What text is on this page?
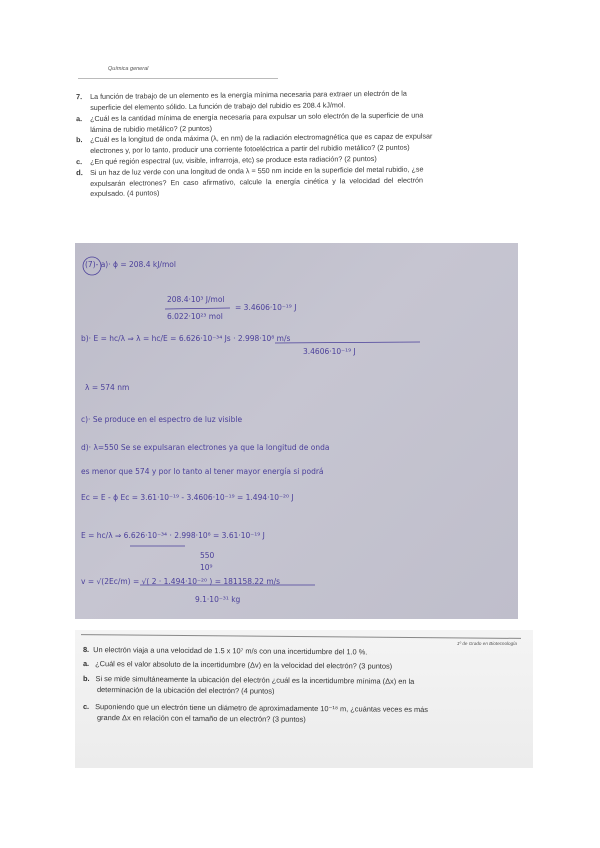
Química general
7. La función de trabajo de un elemento es la energía mínima necesaria para extraer un electrón de la
superficie del elemento sólido. La función de trabajo del rubidio es 208.4 kJ/mol.
a. ¿Cuál es la cantidad mínima de energía necesaria para expulsar un solo electrón de la superficie de una
lámina de rubidio metálico? (2 puntos)
b. ¿Cuál es la longitud de onda máxima (λ, en nm) de la radiación electromagnética que es capaz de expulsar
electrones y, por lo tanto, producir una corriente fotoeléctrica a partir del rubidio metálico? (2 puntos)
c. ¿En qué región espectral (uv, visible, infrarroja, etc) se produce esta radiación? (2 puntos)
d. Si un haz de luz verde con una longitud de onda λ = 550 nm incide en la superficie del metal rubidio, ¿se
expulsarán electrones? En caso afirmativo, calcule la energía cinética y la velocidad del electrón
expulsado. (4 puntos)
(7)- a)· ϕ = 208.4 kJ/mol
208.4·10³ J/mol
6.022·10²³ mol
= 3.4606·10⁻¹⁹ J
b)· E = hc/λ ⇒ λ = hc/E = 6.626·10⁻³⁴ Js · 2.998·10⁸ m/s
3.4606·10⁻¹⁹ J
λ = 574 nm
c)· Se produce en el espectro de luz visible
d)· λ=550 Se se expulsaran electrones ya que la longitud de onda
es menor que 574 y por lo tanto al tener mayor energía si podrá
Ec = E - ϕ Ec = 3.61·10⁻¹⁹ - 3.4606·10⁻¹⁹ = 1.494·10⁻²⁰ J
E = hc/λ ⇒ 6.626·10⁻³⁴ · 2.998·10⁸ = 3.61·10⁻¹⁹ J
550
10⁹
v = √(2Ec/m) = √( 2 · 1.494·10⁻²⁰ ) = 181158.22 m/s
9.1·10⁻³¹ kg
1º de Grado en Biotecnología
8. Un electrón viaja a una velocidad de 1.5 x 10⁷ m/s con una incertidumbre del 1.0 %.
a. ¿Cuál es el valor absoluto de la incertidumbre (Δv) en la velocidad del electrón? (3 puntos)
b. Si se mide simultáneamente la ubicación del electrón ¿cuál es la incertidumbre mínima (Δx) en la
determinación de la ubicación del electrón? (4 puntos)
c. Suponiendo que un electrón tiene un diámetro de aproximadamente 10⁻¹⁸ m, ¿cuántas veces es más
grande Δx en relación con el tamaño de un electrón? (3 puntos)
